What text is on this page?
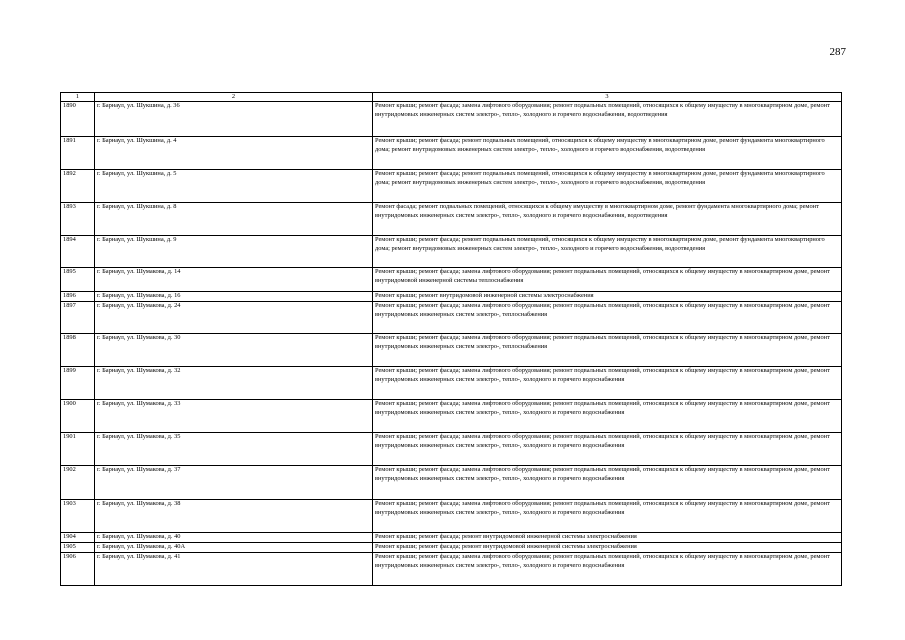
287
1	2	3
1890	г. Барнаул, ул. Шукшина, д. 36	Ремонт крыши; ремонт фасада; замена лифтового оборудования; ремонт подвальных помещений, относящихся к общему имуществу в многоквартирном доме, ремонт внутридомовых инженерных систем электро-, тепло-, холодного и горячего водоснабжения, водоотведения
1891	г. Барнаул, ул. Шукшина, д. 4	Ремонт крыши; ремонт фасада; ремонт подвальных помещений, относящихся к общему имуществу в многоквартирном доме, ремонт фундамента многоквартирного дома; ремонт внутридомовых инженерных систем электро-, тепло-, холодного и горячего водоснабжения, водоотведения
1892	г. Барнаул, ул. Шукшина, д. 5	Ремонт крыши; ремонт фасада; ремонт подвальных помещений, относящихся к общему имуществу в многоквартирном доме, ремонт фундамента многоквартирного дома; ремонт внутридомовых инженерных систем электро-, тепло-, холодного и горячего водоснабжения, водоотведения
1893	г. Барнаул, ул. Шукшина, д. 8	Ремонт фасада; ремонт подвальных помещений, относящихся к общему имуществу в многоквартирном доме, ремонт фундамента многоквартирного дома; ремонт внутридомовых инженерных систем электро-, тепло-, холодного и горячего водоснабжения, водоотведения
1894	г. Барнаул, ул. Шукшина, д. 9	Ремонт крыши; ремонт фасада; ремонт подвальных помещений, относящихся к общему имуществу в многоквартирном доме, ремонт фундамента многоквартирного дома; ремонт внутридомовых инженерных систем электро-, тепло-, холодного и горячего водоснабжения, водоотведения
1895	г. Барнаул, ул. Шумакова, д. 14	Ремонт крыши; ремонт фасада; замена лифтового оборудования; ремонт подвальных помещений, относящихся к общему имуществу в многоквартирном доме, ремонт внутридомовой инженерной системы теплоснабжения
1896	г. Барнаул, ул. Шумакова, д. 16	Ремонт крыши; ремонт внутридомовой инженерной системы электроснабжения
1897	г. Барнаул, ул. Шумакова, д. 24	Ремонт крыши; ремонт фасада; замена лифтового оборудования; ремонт подвальных помещений, относящихся к общему имуществу в многоквартирном доме, ремонт внутридомовых инженерных систем электро-, теплоснабжения
1898	г. Барнаул, ул. Шумакова, д. 30	Ремонт крыши; ремонт фасада; замена лифтового оборудования; ремонт подвальных помещений, относящихся к общему имуществу в многоквартирном доме, ремонт внутридомовых инженерных систем электро-, теплоснабжения
1899	г. Барнаул, ул. Шумакова, д. 32	Ремонт крыши; ремонт фасада; замена лифтового оборудования; ремонт подвальных помещений, относящихся к общему имуществу в многоквартирном доме, ремонт внутридомовых инженерных систем электро-, тепло-, холодного и горячего водоснабжения
1900	г. Барнаул, ул. Шумакова, д. 33	Ремонт крыши; ремонт фасада; замена лифтового оборудования; ремонт подвальных помещений, относящихся к общему имуществу в многоквартирном доме, ремонт внутридомовых инженерных систем электро-, тепло-, холодного и горячего водоснабжения
1901	г. Барнаул, ул. Шумакова, д. 35	Ремонт крыши; ремонт фасада; замена лифтового оборудования; ремонт подвальных помещений, относящихся к общему имуществу в многоквартирном доме, ремонт внутридомовых инженерных систем электро-, тепло-, холодного и горячего водоснабжения
1902	г. Барнаул, ул. Шумакова, д. 37	Ремонт крыши; ремонт фасада; замена лифтового оборудования; ремонт подвальных помещений, относящихся к общему имуществу в многоквартирном доме, ремонт внутридомовых инженерных систем электро-, тепло-, холодного и горячего водоснабжения
1903	г. Барнаул, ул. Шумакова, д. 38	Ремонт крыши; ремонт фасада; замена лифтового оборудования; ремонт подвальных помещений, относящихся к общему имуществу в многоквартирном доме, ремонт внутридомовых инженерных систем электро-, тепло-, холодного и горячего водоснабжения
1904	г. Барнаул, ул. Шумакова, д. 40	Ремонт крыши; ремонт фасада; ремонт внутридомовой инженерной системы электроснабжения
1905	г. Барнаул, ул. Шумакова, д. 40А	Ремонт крыши; ремонт фасада; ремонт внутридомовой инженерной системы электроснабжения
1906	г. Барнаул, ул. Шумакова, д. 41	Ремонт крыши; ремонт фасада; замена лифтового оборудования; ремонт подвальных помещений, относящихся к общему имуществу в многоквартирном доме, ремонт внутридомовых инженерных систем электро-, тепло-, холодного и горячего водоснабжения
